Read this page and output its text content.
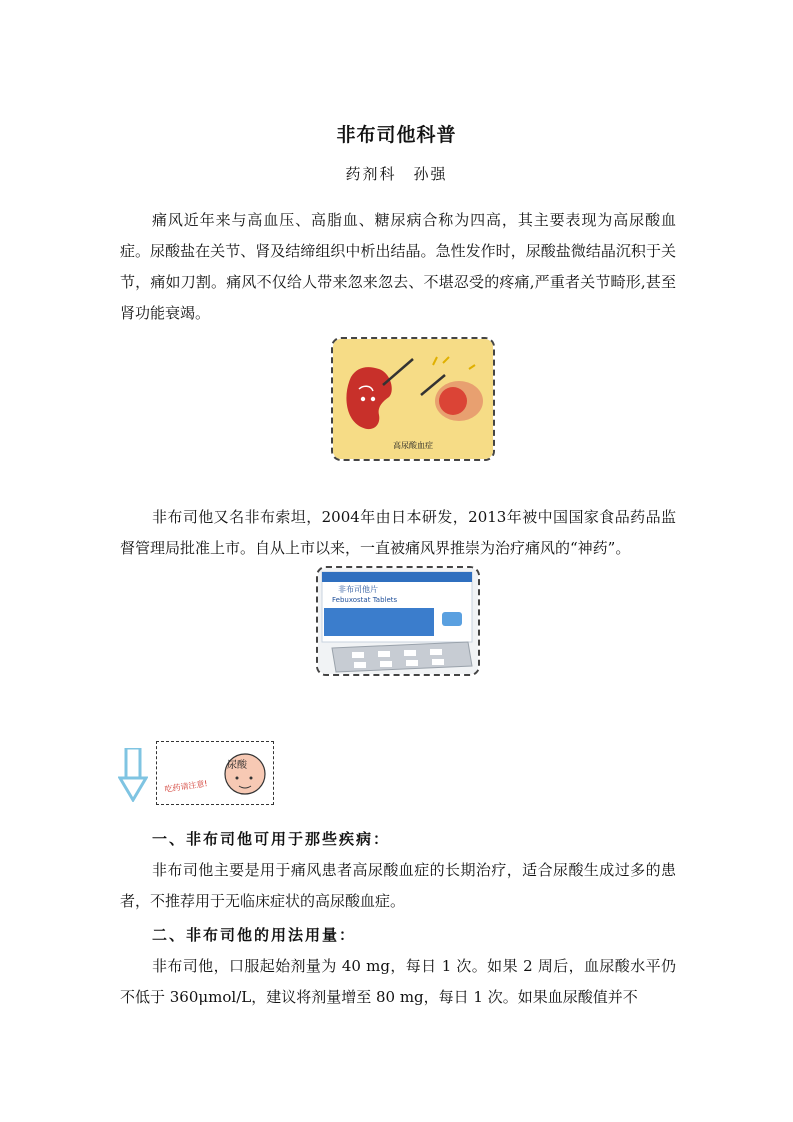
非布司他科普
药剂科　孙强

痛风近年来与高血压、高脂血、糖尿病合称为四高，其主要表现为高尿酸血症。尿酸盐在关节、肾及结缔组织中析出结晶。急性发作时，尿酸盐微结晶沉积于关节，痛如刀割。痛风不仅给人带来忽来忽去、不堪忍受的疼痛,严重者关节畸形,甚至肾功能衰竭。

高尿酸血症

非布司他又名非布索坦，2004年由日本研发，2013年被中国国家食品药品监督管理局批准上市。自从上市以来，一直被痛风界推崇为治疗痛风的“神药”。

非布司他片
Febuxostat Tablets
尿酸
吃药请注意!
一、非布司他可用于那些疾病：

非布司他主要是用于痛风患者高尿酸血症的长期治疗，适合尿酸生成过多的患者，不推荐用于无临床症状的高尿酸血症。

二、非布司他的用法用量：

非布司他，口服起始剂量为 40 mg，每日 1 次。如果 2 周后，血尿酸水平仍不低于 360μmol/L，建议将剂量增至 80 mg，每日 1 次。如果血尿酸值并不
